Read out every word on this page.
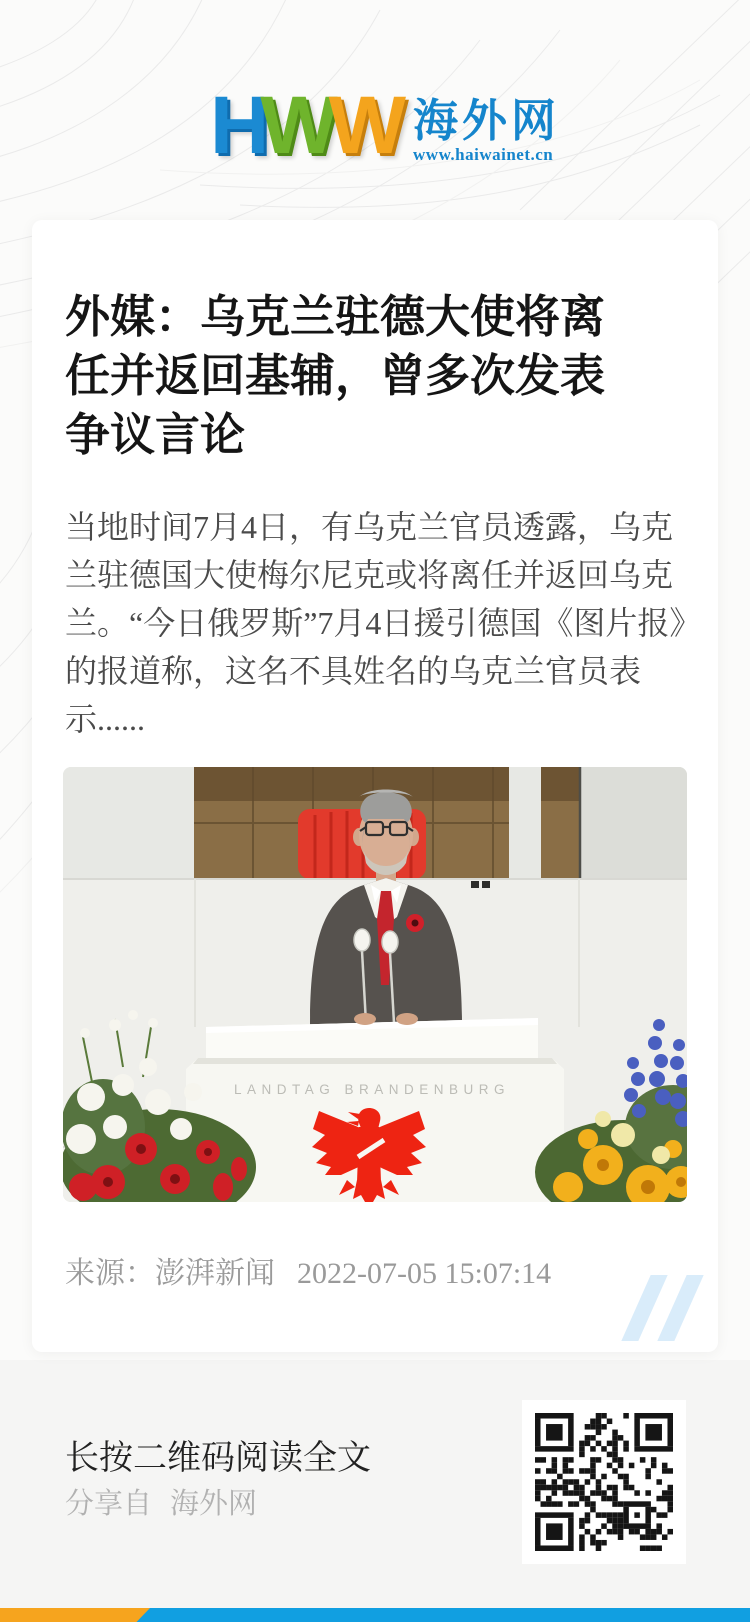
HWW 海外网
www.haiwainet.cn
外媒：乌克兰驻德大使将离任并返回基辅，曾多次发表争议言论
当地时间7月4日，有乌克兰官员透露，乌克兰驻德国大使梅尔尼克或将离任并返回乌克兰。“今日俄罗斯”7月4日援引德国《图片报》的报道称，这名不具姓名的乌克兰官员表示......
LANDTAG BRANDENBURG
来源：澎湃新闻 2022-07-05 15:07:14
长按二维码阅读全文
分享自 海外网
